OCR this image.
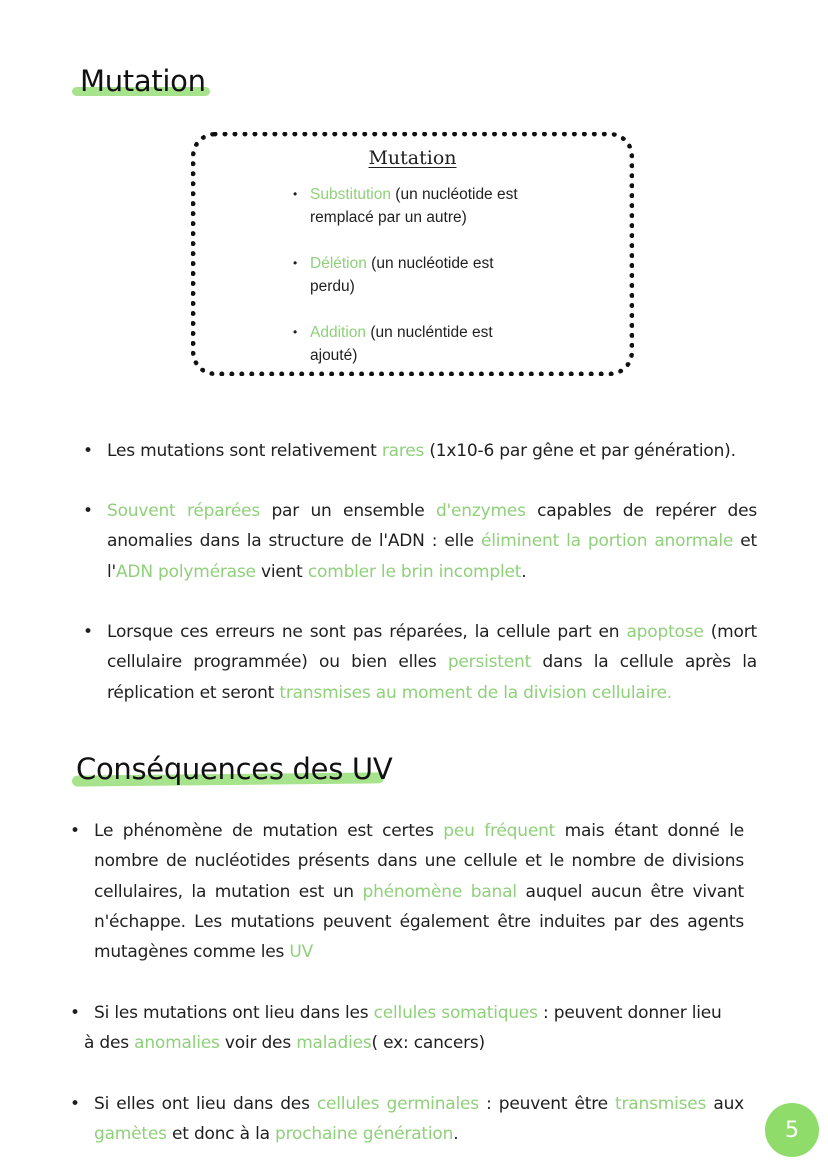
Mutation
Mutation
• Substitution (un nucléotide est remplacé par un autre)
• Délétion (un nucléotide est perdu)
• Addition (un nucléntide est ajouté)

• Les mutations sont relativement rares (1x10-6 par gêne et par génération).

• Souvent réparées par un ensemble d'enzymes capables de repérer des anomalies dans la structure de l'ADN : elle éliminent la portion anormale et l'ADN polymérase vient combler le brin incomplet.

• Lorsque ces erreurs ne sont pas réparées, la cellule part en apoptose (mort cellulaire programmée) ou bien elles persistent dans la cellule après la réplication et seront transmises au moment de la division cellulaire.

Conséquences des UV

• Le phénomène de mutation est certes peu fréquent mais étant donné le nombre de nucléotides présents dans une cellule et le nombre de divisions cellulaires, la mutation est un phénomène banal auquel aucun être vivant n'échappe. Les mutations peuvent également être induites par des agents mutagènes comme les UV

• Si les mutations ont lieu dans les cellules somatiques : peuvent donner lieu
à des anomalies voir des maladies( ex: cancers)

• Si elles ont lieu dans des cellules germinales : peuvent être transmises aux gamètes et donc à la prochaine génération.	5
